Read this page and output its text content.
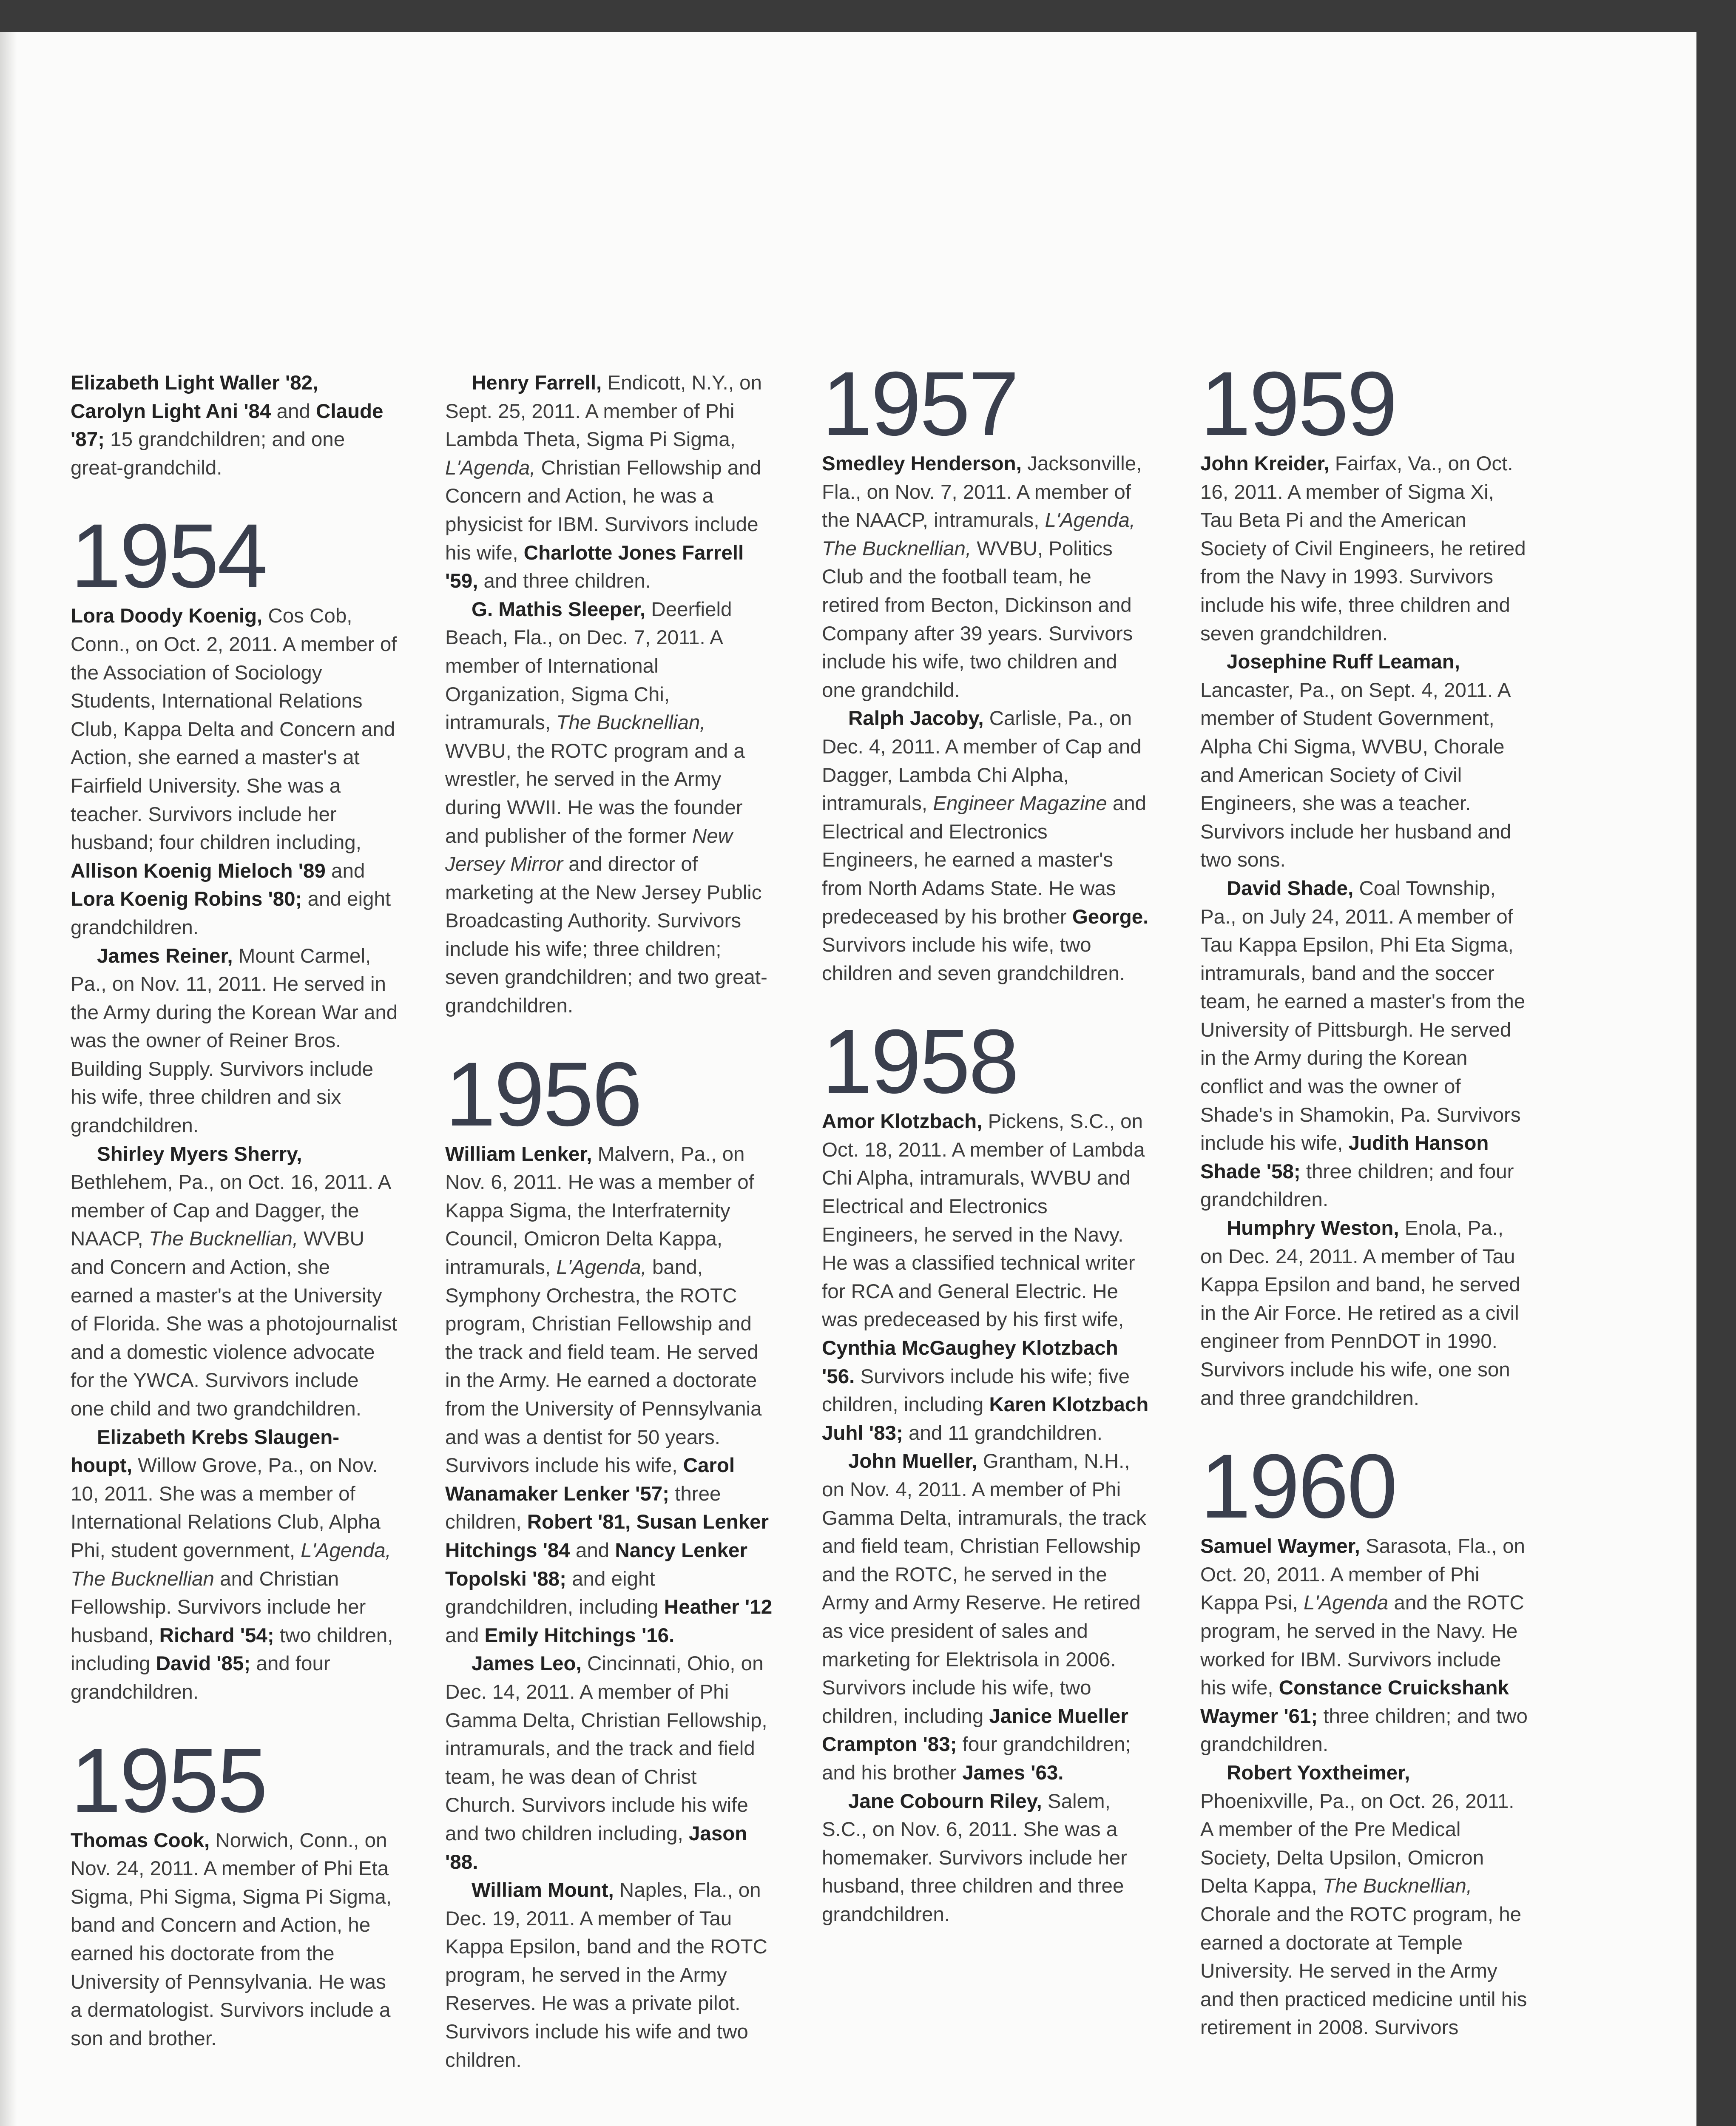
Elizabeth Light Waller '82,
Carolyn Light Ani '84 and Claude '87; 15 grandchildren; and one great-grandchild.

1954

Lora Doody Koenig, Cos Cob, Conn., on Oct. 2, 2011. A member of the Association of Sociology Students, International Relations Club, Kappa Delta and Concern and Action, she earned a master's at Fairfield University. She was a teacher. Survivors include her husband; four children including, Allison Koenig Mieloch '89 and Lora Koenig Robins '80; and eight grandchildren.

James Reiner, Mount Carmel, Pa., on Nov. 11, 2011. He served in the Army during the Korean War and was the owner of Reiner Bros. Building Supply. Survivors include his wife, three children and six grandchildren.

Shirley Myers Sherry, Bethlehem, Pa., on Oct. 16, 2011. A member of Cap and Dagger, the NAACP, The Bucknellian, WVBU and Concern and Action, she earned a master's at the University of Florida. She was a photojournalist and a domestic violence advocate for the YWCA. Survivors include one child and two grandchildren.

Elizabeth Krebs Slaugen-houpt, Willow Grove, Pa., on Nov. 10, 2011. She was a member of International Relations Club, Alpha Phi, student government, L'Agenda, The Bucknellian and Christian Fellowship. Survivors include her husband, Richard '54; two children, including David '85; and four grandchildren.

1955

Thomas Cook, Norwich, Conn., on Nov. 24, 2011. A member of Phi Eta Sigma, Phi Sigma, Sigma Pi Sigma, band and Concern and Action, he earned his doctorate from the University of Pennsylvania. He was a dermatologist. Survivors include a son and brother.

Henry Farrell, Endicott, N.Y., on Sept. 25, 2011. A member of Phi Lambda Theta, Sigma Pi Sigma, L'Agenda, Christian Fellowship and Concern and Action, he was a physicist for IBM. Survivors include his wife, Charlotte Jones Farrell '59, and three children.

G. Mathis Sleeper, Deerfield Beach, Fla., on Dec. 7, 2011. A member of International Organization, Sigma Chi, intramurals, The Bucknellian, WVBU, the ROTC program and a wrestler, he served in the Army during WWII. He was the founder and publisher of the former New Jersey Mirror and director of marketing at the New Jersey Public Broadcasting Authority. Survivors include his wife; three children; seven grandchildren; and two great-grandchildren.

1956

William Lenker, Malvern, Pa., on Nov. 6, 2011. He was a member of Kappa Sigma, the Interfraternity Council, Omicron Delta Kappa, intramurals, L'Agenda, band, Symphony Orchestra, the ROTC program, Christian Fellowship and the track and field team. He served in the Army. He earned a doctorate from the University of Pennsylvania and was a dentist for 50 years. Survivors include his wife, Carol Wanamaker Lenker '57; three children, Robert '81, Susan Lenker Hitchings '84 and Nancy Lenker Topolski '88; and eight grandchildren, including Heather '12 and Emily Hitchings '16.

James Leo, Cincinnati, Ohio, on Dec. 14, 2011. A member of Phi Gamma Delta, Christian Fellowship, intramurals, and the track and field team, he was dean of Christ Church. Survivors include his wife and two children including, Jason '88.

William Mount, Naples, Fla., on Dec. 19, 2011. A member of Tau Kappa Epsilon, band and the ROTC program, he served in the Army Reserves. He was a private pilot. Survivors include his wife and two children.

1957

Smedley Henderson, Jacksonville, Fla., on Nov. 7, 2011. A member of the NAACP, intramurals, L'Agenda, The Bucknellian, WVBU, Politics Club and the football team, he retired from Becton, Dickinson and Company after 39 years. Survivors include his wife, two children and one grandchild.

Ralph Jacoby, Carlisle, Pa., on Dec. 4, 2011. A member of Cap and Dagger, Lambda Chi Alpha, intramurals, Engineer Magazine and Electrical and Electronics Engineers, he earned a master's from North Adams State. He was predeceased by his brother George. Survivors include his wife, two children and seven grandchildren.

1958

Amor Klotzbach, Pickens, S.C., on Oct. 18, 2011. A member of Lambda Chi Alpha, intramurals, WVBU and Electrical and Electronics Engineers, he served in the Navy. He was a classified technical writer for RCA and General Electric. He was predeceased by his first wife, Cynthia McGaughey Klotzbach '56. Survivors include his wife; five children, including Karen Klotzbach Juhl '83; and 11 grandchildren.

John Mueller, Grantham, N.H., on Nov. 4, 2011. A member of Phi Gamma Delta, intramurals, the track and field team, Christian Fellowship and the ROTC, he served in the Army and Army Reserve. He retired as vice president of sales and marketing for Elektrisola in 2006. Survivors include his wife, two children, including Janice Mueller Crampton '83; four grandchildren; and his brother James '63.

Jane Cobourn Riley, Salem, S.C., on Nov. 6, 2011. She was a homemaker. Survivors include her husband, three children and three grandchildren.

1959

John Kreider, Fairfax, Va., on Oct. 16, 2011. A member of Sigma Xi, Tau Beta Pi and the American Society of Civil Engineers, he retired from the Navy in 1993. Survivors include his wife, three children and seven grandchildren.

Josephine Ruff Leaman, Lancaster, Pa., on Sept. 4, 2011. A member of Student Government, Alpha Chi Sigma, WVBU, Chorale and American Society of Civil Engineers, she was a teacher. Survivors include her husband and two sons.

David Shade, Coal Township, Pa., on July 24, 2011. A member of Tau Kappa Epsilon, Phi Eta Sigma, intramurals, band and the soccer team, he earned a master's from the University of Pittsburgh. He served in the Army during the Korean conflict and was the owner of Shade's in Shamokin, Pa. Survivors include his wife, Judith Hanson Shade '58; three children; and four grandchildren.

Humphry Weston, Enola, Pa., on Dec. 24, 2011. A member of Tau Kappa Epsilon and band, he served in the Air Force. He retired as a civil engineer from PennDOT in 1990. Survivors include his wife, one son and three grandchildren.

1960

Samuel Waymer, Sarasota, Fla., on Oct. 20, 2011. A member of Phi Kappa Psi, L'Agenda and the ROTC program, he served in the Navy. He worked for IBM. Survivors include his wife, Constance Cruickshank Waymer '61; three children; and two grandchildren.

Robert Yoxtheimer, Phoenixville, Pa., on Oct. 26, 2011. A member of the Pre Medical Society, Delta Upsilon, Omicron Delta Kappa, The Bucknellian, Chorale and the ROTC program, he earned a doctorate at Temple University. He served in the Army and then practiced medicine until his retirement in 2008. Survivors
